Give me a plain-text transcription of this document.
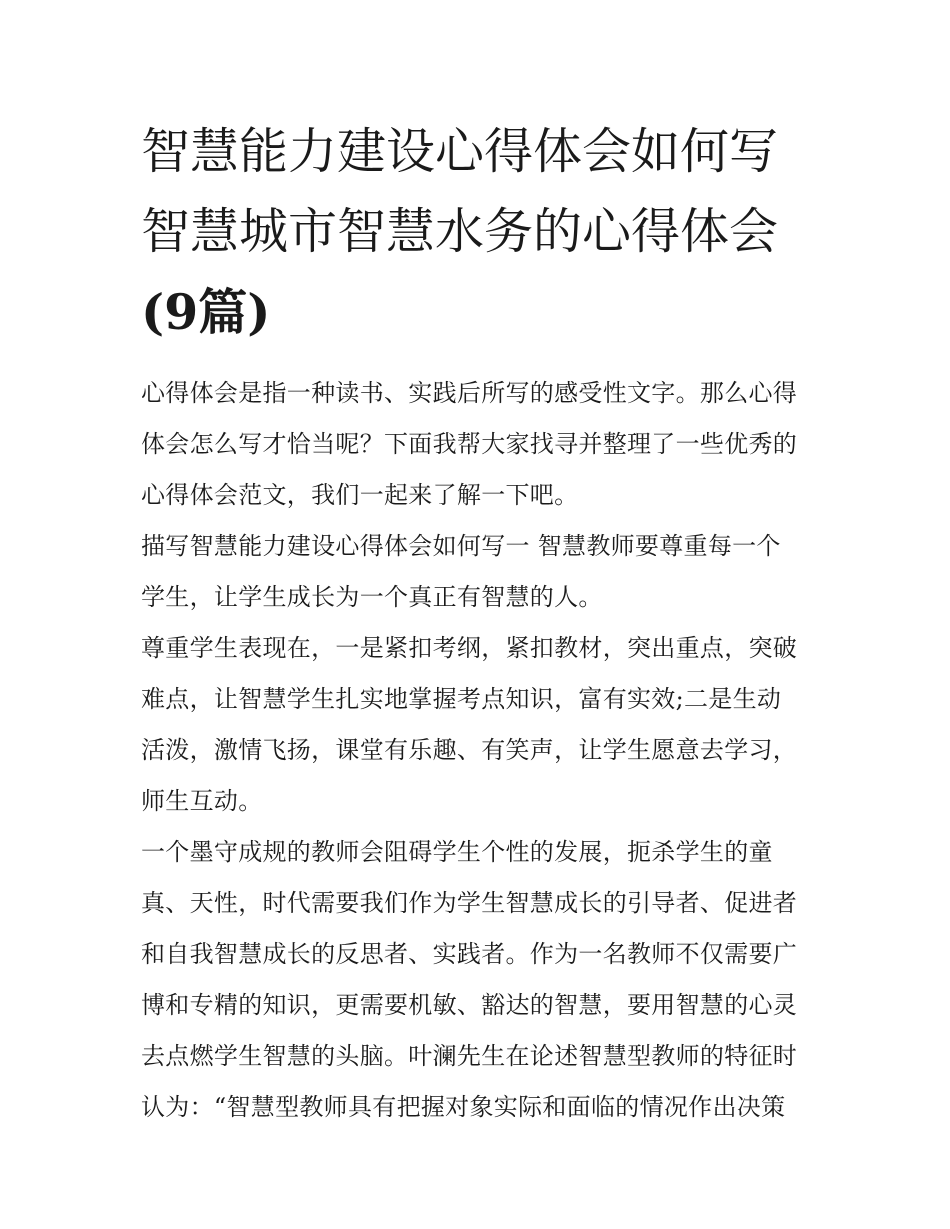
智慧能力建设心得体会如何写
智慧城市智慧水务的心得体会
(9篇)

心得体会是指一种读书、实践后所写的感受性文字。那么心得
体会怎么写才恰当呢？下面我帮大家找寻并整理了一些优秀的
心得体会范文，我们一起来了解一下吧。

描写智慧能力建设心得体会如何写一 智慧教师要尊重每一个
学生，让学生成长为一个真正有智慧的人。

尊重学生表现在，一是紧扣考纲，紧扣教材，突出重点，突破
难点，让智慧学生扎实地掌握考点知识，富有实效;二是生动
活泼，激情飞扬，课堂有乐趣、有笑声，让学生愿意去学习，
师生互动。

一个墨守成规的教师会阻碍学生个性的发展，扼杀学生的童
真、天性，时代需要我们作为学生智慧成长的引导者、促进者
和自我智慧成长的反思者、实践者。作为一名教师不仅需要广
博和专精的知识，更需要机敏、豁达的智慧，要用智慧的心灵
去点燃学生智慧的头脑。叶澜先生在论述智慧型教师的特征时
认为：“智慧型教师具有把握对象实际和面临的情况作出决策
